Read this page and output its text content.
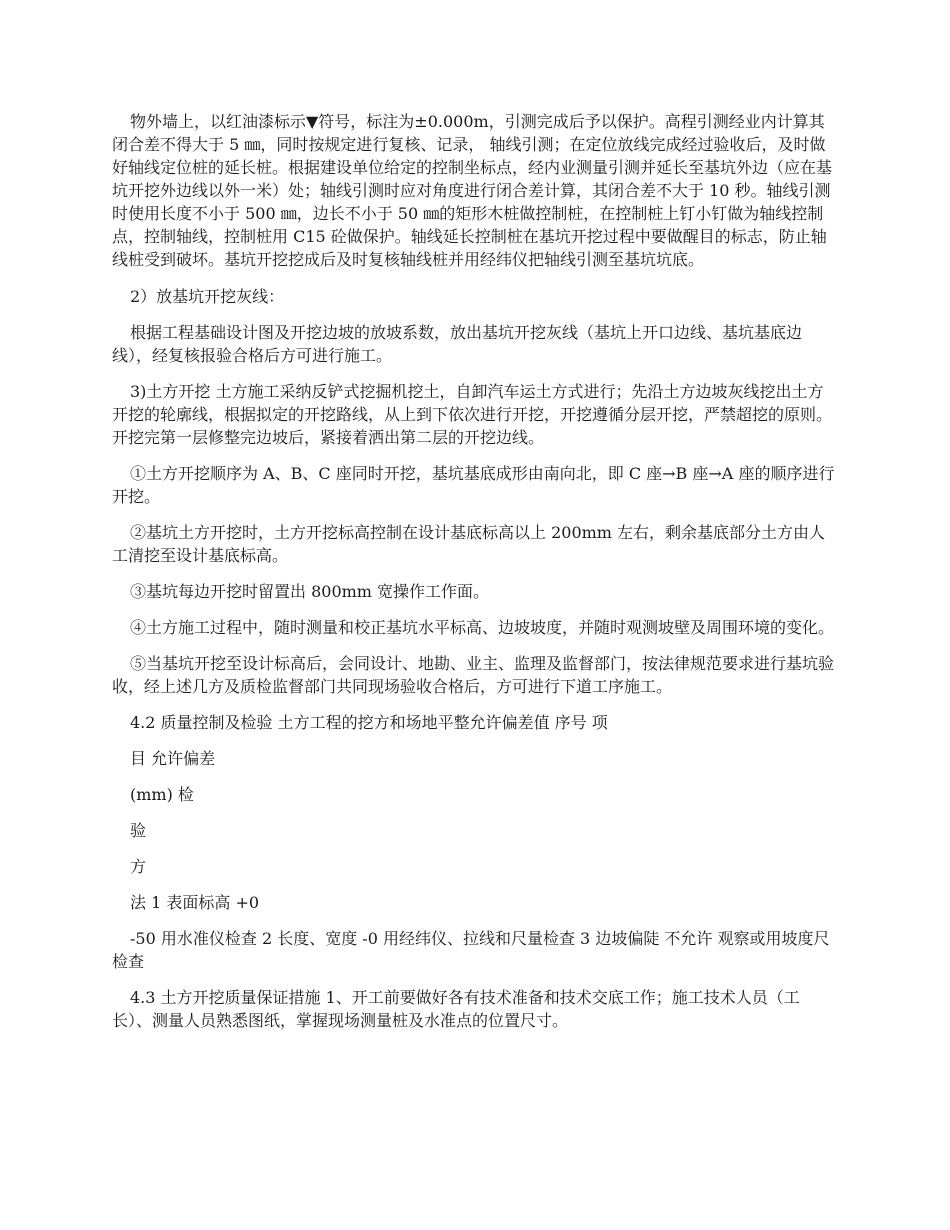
物外墙上，以红油漆标示▼符号，标注为±0.000m，引测完成后予以保护。高程引测经业内计算其闭合差不得大于 5 ㎜，同时按规定进行复核、记录， 轴线引测；在定位放线完成经过验收后，及时做好轴线定位桩的延长桩。根据建设单位给定的控制坐标点，经内业测量引测并延长至基坑外边（应在基坑开挖外边线以外一米）处；轴线引测时应对角度进行闭合差计算，其闭合差不大于 10 秒。轴线引测时使用长度不小于 500 ㎜，边长不小于 50 ㎜的矩形木桩做控制桩，在控制桩上钉小钉做为轴线控制点，控制轴线，控制桩用 C15 砼做保护。轴线延长控制桩在基坑开挖过程中要做醒目的标志，防止轴线桩受到破坏。基坑开挖挖成后及时复核轴线桩并用经纬仪把轴线引测至基坑坑底。

2）放基坑开挖灰线：

根据工程基础设计图及开挖边坡的放坡系数，放出基坑开挖灰线（基坑上开口边线、基坑基底边线），经复核报验合格后方可进行施工。

3)土方开挖 土方施工采纳反铲式挖掘机挖土，自卸汽车运土方式进行；先沿土方边坡灰线挖出土方开挖的轮廓线，根据拟定的开挖路线，从上到下依次进行开挖，开挖遵循分层开挖，严禁超挖的原则。开挖完第一层修整完边坡后，紧接着洒出第二层的开挖边线。

①土方开挖顺序为 A、B、C 座同时开挖，基坑基底成形由南向北，即 C 座→B 座→A 座的顺序进行开挖。

②基坑土方开挖时，土方开挖标高控制在设计基底标高以上 200mm 左右，剩余基底部分土方由人工清挖至设计基底标高。

③基坑每边开挖时留置出 800mm 宽操作工作面。

④土方施工过程中，随时测量和校正基坑水平标高、边坡坡度，并随时观测坡壁及周围环境的变化。

⑤当基坑开挖至设计标高后，会同设计、地勘、业主、监理及监督部门，按法律规范要求进行基坑验收，经上述几方及质检监督部门共同现场验收合格后，方可进行下道工序施工。

4.2 质量控制及检验 土方工程的挖方和场地平整允许偏差值 序号 项

目 允许偏差

(mm) 检

验

方

法 1 表面标高 +0

-50 用水准仪检查 2 长度、宽度 -0 用经纬仪、拉线和尺量检查 3 边坡偏陡 不允许 观察或用坡度尺检查

4.3 土方开挖质量保证措施 1、开工前要做好各有技术准备和技术交底工作；施工技术人员（工长）、测量人员熟悉图纸，掌握现场测量桩及水准点的位置尺寸。
